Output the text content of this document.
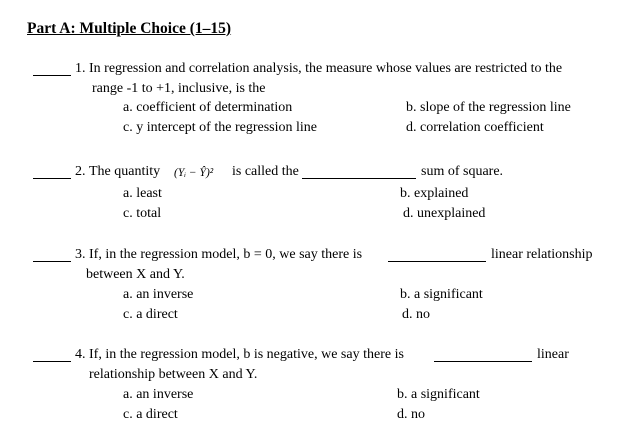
Part A: Multiple Choice (1–15)
1. In regression and correlation analysis, the measure whose values are restricted to the
range -1 to +1, inclusive, is the
a. coefficient of determination	b. slope of the regression line
c. y intercept of the regression line	d. correlation coefficient
2. The quantity (Yᵢ − Ŷ)² is called the	sum of square.
a. least	b. explained
c. total	d. unexplained
3. If, in the regression model, b = 0, we say there is	linear relationship
between X and Y.
a. an inverse	b. a significant
c. a direct	d. no
4. If, in the regression model, b is negative, we say there is	linear
relationship between X and Y.
a. an inverse	b. a significant
c. a direct	d. no
